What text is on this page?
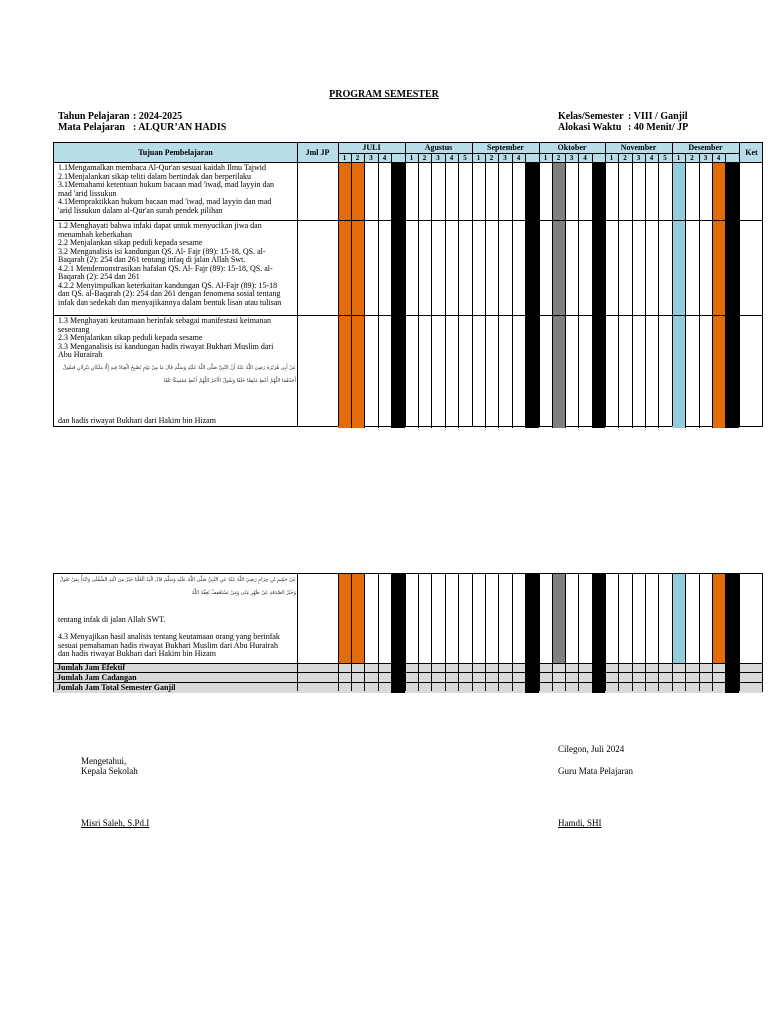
PROGRAM SEMESTER
Tahun Pelajaran : 2024-2025
Mata Pelajaran : ALQUR’AN HADIS
Kelas/Semester : VIII / Ganjil
Alokasi Waktu : 40 Menit/ JP
Tujuan Pembelajaran	Jml JP	Ket
JULI	Agustus	September	Oktober	November	Desember
1	2	3	4	1	2	3	4	5	1	2	3	4	1	2	3	4	1	2	3	4	5	1	2	3	4
1.1Mengamalkan membaca Al-Qur'an sesuai kaidah Ilmu Tajwid
2.1Menjalankan sikap teliti dalam bertindak dan berperilaku
3.1Memahami ketentuan hukum bacaan mad 'iwaḍ, mad layyin dan
mad 'ariḍ lissukun
4.1Mempraktikkan hukum bacaan mad 'iwaḍ, mad layyin dan mad
'ariḍ lissukun dalam al-Qur'an surah pendek pilihan
1.2 Menghayati bahwa infaki dapat untuk menyucikan jiwa dan
menambah keberkahan
2.2 Menjalankan sikap peduli kepada sesame
3.2 Menganalisis isi kandungan QS. Al- Fajr (89): 15-18, QS. al-
Baqarah (2): 254 dan 261 tentang infaq di jalan Allah Swt.
4.2.1 Mendemonstrasikan hafalan QS. Al- Fajr (89): 15-18, QS. al-
Baqarah (2): 254 dan 261
4.2.2 Menyimpulkan keterkaitan kandungan QS. Al-Fajr (89): 15-18
dan QS. al-Baqarah (2): 254 dan 261 dengan fenomena sosial tentang
infak dan sedekah dan menyajikannya dalam bentuk lisan atau tulisan
1.3 Menghayati keutamaan berinfak sebagai manifestasi keimanan
seseorang
2.3 Menjalankan sikap peduli kepada sesame
3.3 Menganalisis isi kandungan hadis riwayat Bukhari Muslim dari
Abu Hurairah
عَنْ أَبِي هُرَيْرَةَ رَضِيَ اللَّهُ عَنْهُ أَنَّ النَّبِيَّ صَلَّى اللَّهُ عَلَيْهِ وَسَلَّمَ قَالَ مَا مِنْ يَوْمٍ يُصْبِحُ الْعِبَادُ فِيهِ إِلَّا مَلَكَانِ يَنْزِلَانِ فَيَقُولُ أَحَدُهُمَا اللَّهُمَّ أَعْطِ مُنْفِقًا خَلَفًا وَيَقُولُ الْآخَرُ اللَّهُمَّ أَعْطِ مُمْسِكًا تَلَفًا
dan hadis riwayat Bukhari dari Hakim bin Hizam
عَنْ حَكِيمِ بْنِ حِزَامٍ رَضِيَ اللَّهُ عَنْهُ عَنِ النَّبِيِّ صَلَّى اللَّهُ عَلَيْهِ وَسَلَّمَ قَالَ الْيَدُ الْعُلْيَا خَيْرٌ مِنَ الْيَدِ السُّفْلَى وَابْدَأْ بِمَنْ تَعُولُ وَخَيْرُ الصَّدَقَةِ عَنْ ظَهْرِ غِنًى وَمَنْ يَسْتَعْفِفْ يُعِفَّهُ اللَّهُ
tentang infak di jalan Allah SWT.
4.3 Menyajikan hasil analisis tentang keutamaan orang yang berinfak
sesuai pemahaman hadis riwayat Bukhari Muslim dari Abu Hurairah
dan hadis riwayat Bukhari dari Hakim bin Hizam
Jumlah Jam Efektif
Jumlah Jam Cadangan
Jumlah Jam Total Semester Ganjil
Cilegon, Juli 2024
Mengetahui,
Kepala Sekolah	Guru Mata Pelajaran
Misri Saleh, S.Pd.I	Hamdi, SHI
